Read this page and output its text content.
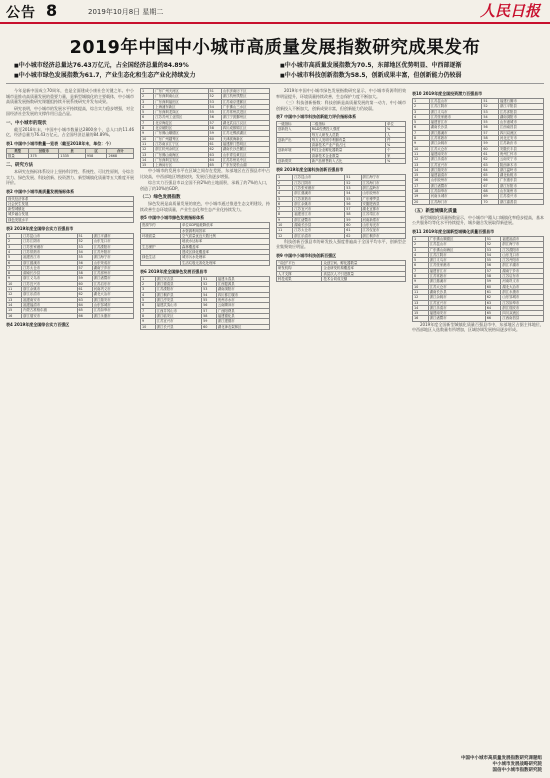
公告 8	2019年10月8日 星期二	人民日报
2019年中国中小城市高质量发展指数研究成果发布
■ 中小城市经济总量达76.43万亿元，占全国经济总量的84.89%	■ 中小城市高质量发展指数为70.5，东部地区优势明显、中西部逐渐
■ 中小城市绿色发展指数为61.7，产业生态化和生态产业化持续发力	■ 中小城市科技创新指数为58.5，创新成果丰富，但创新能力仍较弱

今年是新中国成立70周年，也是全面建成小康社会关键之年。中小城市是推动高质量发展的重要力量，是新型城镇化的主要载体，中小城市高质量发展指数研究课题组持续开展系统研究并发布成果。

研究表明，中小城市的发展水平持续提高，综合实力稳步增强，对全国经济社会发展的支撑作用日益凸显。

一、中小城市的现状

截至2018年末，中国中小城市数量达2800余个，总人口约11.46亿，经济总量为76.43万亿元，占全国经济总量的84.89%。

表1 中国中小城市数量一览表（截至2018年末，单位：个）
类型	县级市	县	区	合计
数量	375	1335	958	2668
二、研究方法

本研究在指标体系设计上坚持科学性、系统性、可比性原则，分综合实力、绿色发展、科技创新、投资潜力、新型城镇化质量等五大维度开展评价。

表2 中国中小城市高质量发展指标体系
现代经济体系
社会民生发展
新型城镇化
城乡融合发展
绿色发展水平
表3 2019年度全国综合实力百强县市
1	江苏昆山市	51	浙江平湖市
2	江苏江阴市	52	山东龙口市
3	江苏张家港市	53	江苏溧阳市
4	江苏常熟市	54	江苏丹阳市
5	福建晋江市	55	浙江海宁市
6	浙江慈溪市	56	山东荣成市
7	江苏太仓市	57	湖南宁乡市
8	湖南长沙县	58	江苏邳州市
9	浙江义乌市	59	浙江诸暨市
10	江苏宜兴市	60	江苏启东市
11	浙江余姚市	61	河南巩义市
12	浙江乐清市	62	湖北大冶市
13	福建南安市	63	浙江瑞安市
14	福建福清市	64	山东邹城市
15	内蒙古准格尔旗	65	江苏如皋市
16	浙江瑞安市	66	浙江永康市
表4 2019年度全国综合实力百强区
1	广东广州天河区	51	山东济南历下区
2	广东深圳南山区	52	浙江杭州拱墅区
3	广东深圳福田区	53	江苏南京建邺区
4	上海浦东新区	54	广东佛山三水区
5	广东深圳龙岗区	55	江苏常州武进区
6	江苏苏州工业园区	56	浙江宁波鄞州区
7	北京海淀区	57	湖北武汉江汉区
8	北京朝阳区	58	四川成都锦江区
9	广东佛山顺德区	59	江苏无锡滨湖区
10	广东广州越秀区	60	天津滨海新区
11	江苏南京江宁区	61	福建厦门思明区
12	浙江杭州余杭区	62	湖南长沙岳麓区
13	广东佛山南海区	63	山东青岛黄岛区
14	广东深圳宝安区	64	江苏苏州吴中区
15	上海闵行区	65	广东东莞松山湖

中小城市的发展水平在区域之间存在差距，东部地区在百强县市中占比较高，中西部地区增速较快，发展后劲逐步增强。

综合实力百强县市以全国不到2%的土地面积，承载了约7%的人口，创造了约10%的GDP。

（二）绿色发展指数

绿色发展是高质量发展的底色，中小城市通过推进生态文明建设，持续改善生态环境质量，产业生态化和生态产业化持续发力。

表5 中国中小城市绿色发展指标体系
资源节约	单位GDP能耗降低率
	水资源利用效率
环境质量	空气质量优良天数比例
	地表水达标率
生态保护	森林覆盖率
	建成区绿化覆盖率
绿色生活	城市污水处理率
	生活垃圾无害化处理率
表6 2019年度全国绿色发展百强县市
1	浙江安吉县	51	福建永春县
2	浙江德清县	52	江西婺源县
3	江苏溧阳市	53	湖南浏阳市
4	浙江桐庐县	54	四川都江堰市
5	浙江淳安县	55	贵州赤水市
6	福建武夷山市	56	云南腾冲市
7	江西井冈山市	57	广西阳朔县
8	浙江临安区	58	福建德化县
9	江苏宜兴市	59	浙江建德市
10	浙江长兴县	60	湖北神农架林区

2019年中国中小城市绿色发展指数研究显示，中小城市资源利用效率明显提升，环境质量持续改善，生态保护力度不断加大。

（三）科技创新指数：科技创新是高质量发展的第一动力，中小城市创新投入不断加大，创新成果丰富，但创新能力仍较弱。

表7 中国中小城市科技创新能力评价指标体系
一级指标	二级指标	单位
创新投入	R&D经费投入强度	%
	每万人研发人员数	人
创新产出	每万人发明专利拥有量	件
	高新技术产业产值占比	%
创新环境	科技企业孵化器数量	个
	高新技术企业数量	家
创新绩效	新产品销售收入占比	%
表8 2019年度全国科技创新百强县市
1	江苏昆山市	51	浙江海宁市
2	江苏江阴市	52	江苏海门市
3	江苏张家港市	53	浙江温岭市
4	浙江慈溪市	54	山东胶州市
5	江苏常熟市	55	广东博罗县
6	浙江余姚市	56	安徽肥西县
7	江苏宜兴市	57	湖北宜都市
8	福建晋江市	58	江苏靖江市
9	浙江诸暨市	59	河南新郑市
10	湖南长沙县	60	山东寿光市
11	江苏太仓市	61	江苏仪征市
12	浙江乐清市	62	浙江桐乡市

科技创新百强县市的研发投入强度普遍高于全国平均水平，创新型企业集聚效应明显。

表9 中国中小城市科技创新百强区
“双创”平台	众创空间、孵化器数量
研发机构	企业研发机构覆盖率
人才支撑	高层次人才引进数量
科技成果	技术合同成交额
表10 2019年度全国投资潜力百强县市
1	江苏昆山市	51	福建石狮市
2	江苏江阴市	52	浙江平阳县
3	浙江义乌市	53	江苏沭阳县
4	江苏张家港市	54	湖南浏阳市
5	福建晋江市	55	山东诸城市
6	湖南长沙县	56	江西南昌县
7	浙江慈溪市	57	四川双流区
8	江苏常熟市	58	河北迁安市
9	浙江余姚市	59	江苏新沂市
10	江苏太仓市	60	安徽长丰县
11	福建南安市	61	贵州仁怀市
12	浙江乐清市	62	云南安宁市
13	江苏宜兴市	63	陕西神木市
14	浙江瑞安市	64	浙江温岭市
15	福建福清市	65	湖北仙桃市
16	山东胶州市	66	广东惠东县
17	浙江诸暨市	67	浙江东阳市
18	江苏如皋市	68	山东莱州市
19	河南永城市	69	江苏泰兴市
20	江苏海门市	70	浙江嘉善县
（五）新型城镇化质量

新型城镇化质量指数显示，中小城市户籍人口城镇化率稳步提高，基本公共服务均等化水平持续提升，城乡融合发展取得新进展。

表11 2019年度全国新型城镇化质量百强县市
1	广东佛山顺德区	51	福建福清市
2	江苏昆山市	52	浙江海宁市
3	广东佛山南海区	53	江苏溧阳市
4	江苏江阴市	54	山东龙口市
5	浙江义乌市	55	江苏丹阳市
6	江苏张家港市	56	浙江平湖市
7	福建晋江市	57	湖南宁乡市
8	江苏常熟市	58	江苏启东市
9	浙江慈溪市	59	河南巩义市
10	江苏太仓市	60	湖北大冶市
11	湖南长沙县	61	浙江永康市
12	浙江余姚市	62	山东邹城市
13	江苏宜兴市	63	江苏如皋市
14	浙江乐清市	64	浙江瑞安市
15	福建南安市	65	四川双流区
16	浙江诸暨市	66	江西南昌县

2019年度全国新型城镇化质量百强县市中，东部地区占据主体地位，中西部地区入选数量有所增加，区域协调发展格局逐步形成。

中国中小城市高质量发展指数研究课题组
中小城市发展战略研究院
国信中小城市指数研究院
